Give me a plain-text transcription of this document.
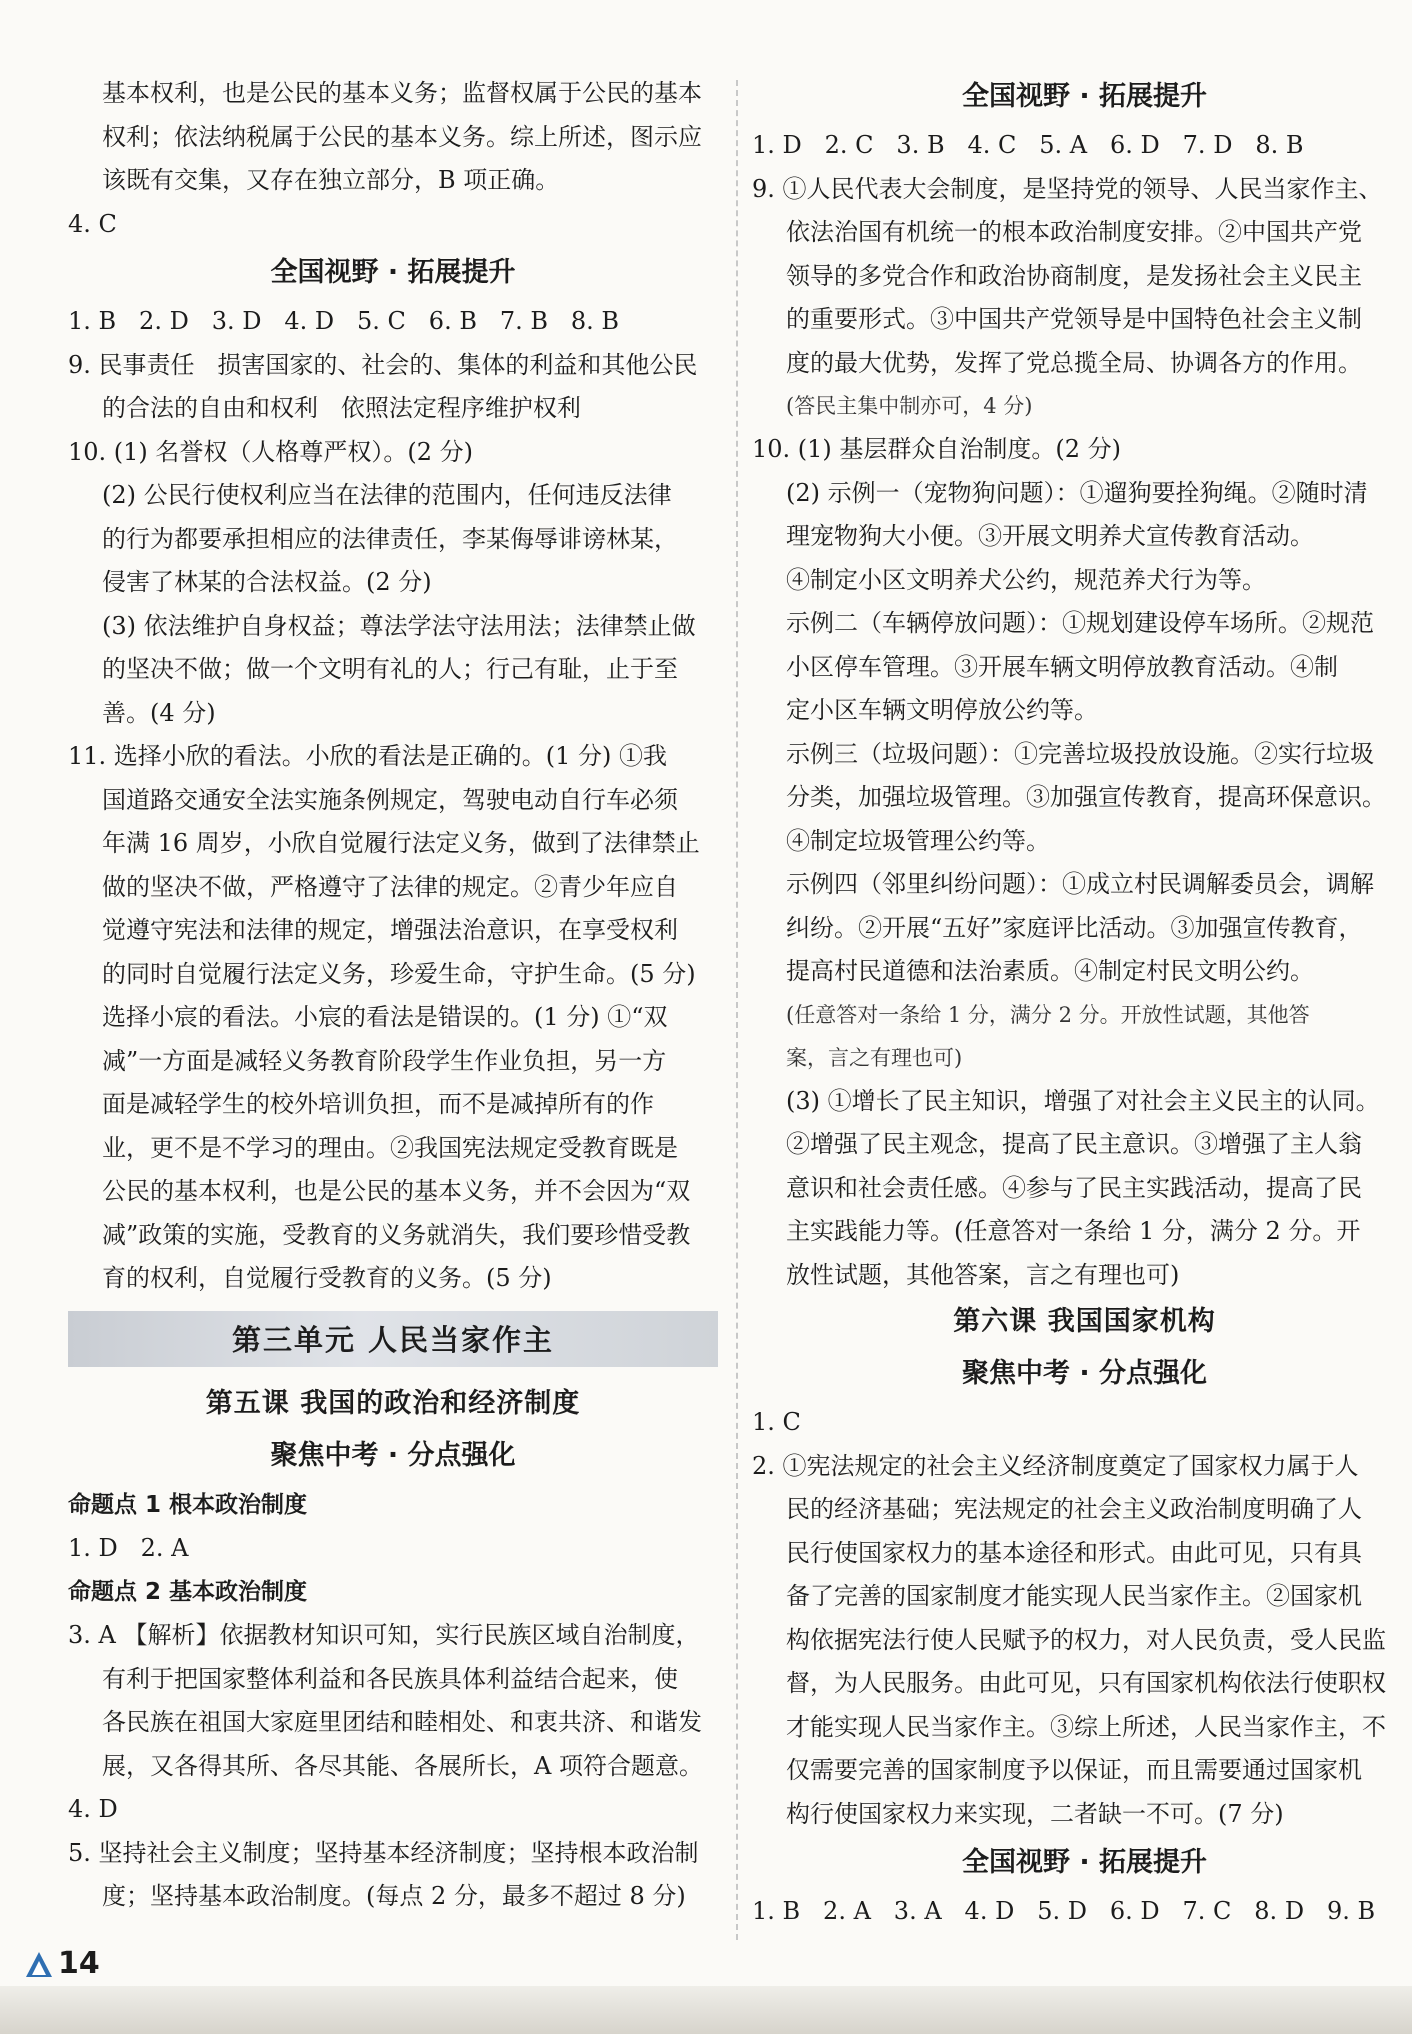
基本权利，也是公民的基本义务；监督权属于公民的基本

权利；依法纳税属于公民的基本义务。综上所述，图示应

该既有交集，又存在独立部分，B 项正确。

4. C

全国视野 · 拓展提升

1. B   2. D   3. D   4. D   5. C   6. B   7. B   8. B

9. 民事责任   损害国家的、社会的、集体的利益和其他公民

的合法的自由和权利   依照法定程序维护权利

10. (1) 名誉权（人格尊严权）。(2 分)

(2) 公民行使权利应当在法律的范围内，任何违反法律

的行为都要承担相应的法律责任，李某侮辱诽谤林某，

侵害了林某的合法权益。(2 分)

(3) 依法维护自身权益；尊法学法守法用法；法律禁止做

的坚决不做；做一个文明有礼的人；行己有耻，止于至

善。(4 分)

11. 选择小欣的看法。小欣的看法是正确的。(1 分) ①我

国道路交通安全法实施条例规定，驾驶电动自行车必须

年满 16 周岁，小欣自觉履行法定义务，做到了法律禁止

做的坚决不做，严格遵守了法律的规定。②青少年应自

觉遵守宪法和法律的规定，增强法治意识，在享受权利

的同时自觉履行法定义务，珍爱生命，守护生命。(5 分)

选择小宸的看法。小宸的看法是错误的。(1 分) ①“双

减”一方面是减轻义务教育阶段学生作业负担，另一方

面是减轻学生的校外培训负担，而不是减掉所有的作

业，更不是不学习的理由。②我国宪法规定受教育既是

公民的基本权利，也是公民的基本义务，并不会因为“双

减”政策的实施，受教育的义务就消失，我们要珍惜受教

育的权利，自觉履行受教育的义务。(5 分)

第三单元 人民当家作主
第五课 我国的政治和经济制度
聚焦中考 · 分点强化
命题点 1 根本政治制度

1. D   2. A

命题点 2 基本政治制度

3. A 【解析】依据教材知识可知，实行民族区域自治制度，

有利于把国家整体利益和各民族具体利益结合起来，使

各民族在祖国大家庭里团结和睦相处、和衷共济、和谐发

展，又各得其所、各尽其能、各展所长，A 项符合题意。

4. D

5. 坚持社会主义制度；坚持基本经济制度；坚持根本政治制

度；坚持基本政治制度。(每点 2 分，最多不超过 8 分)

全国视野 · 拓展提升

1. D   2. C   3. B   4. C   5. A   6. D   7. D   8. B

9. ①人民代表大会制度，是坚持党的领导、人民当家作主、

依法治国有机统一的根本政治制度安排。②中国共产党

领导的多党合作和政治协商制度，是发扬社会主义民主

的重要形式。③中国共产党领导是中国特色社会主义制

度的最大优势，发挥了党总揽全局、协调各方的作用。

(答民主集中制亦可，4 分)

10. (1) 基层群众自治制度。(2 分)

(2) 示例一（宠物狗问题）：①遛狗要拴狗绳。②随时清

理宠物狗大小便。③开展文明养犬宣传教育活动。

④制定小区文明养犬公约，规范养犬行为等。

示例二（车辆停放问题）：①规划建设停车场所。②规范

小区停车管理。③开展车辆文明停放教育活动。④制

定小区车辆文明停放公约等。

示例三（垃圾问题）：①完善垃圾投放设施。②实行垃圾

分类，加强垃圾管理。③加强宣传教育，提高环保意识。

④制定垃圾管理公约等。

示例四（邻里纠纷问题）：①成立村民调解委员会，调解

纠纷。②开展“五好”家庭评比活动。③加强宣传教育，

提高村民道德和法治素质。④制定村民文明公约。

(任意答对一条给 1 分，满分 2 分。开放性试题，其他答

案，言之有理也可)

(3) ①增长了民主知识，增强了对社会主义民主的认同。

②增强了民主观念，提高了民主意识。③增强了主人翁

意识和社会责任感。④参与了民主实践活动，提高了民

主实践能力等。(任意答对一条给 1 分，满分 2 分。开

放性试题，其他答案，言之有理也可)

第六课 我国国家机构
聚焦中考 · 分点强化

1. C

2. ①宪法规定的社会主义经济制度奠定了国家权力属于人

民的经济基础；宪法规定的社会主义政治制度明确了人

民行使国家权力的基本途径和形式。由此可见，只有具

备了完善的国家制度才能实现人民当家作主。②国家机

构依据宪法行使人民赋予的权力，对人民负责，受人民监

督，为人民服务。由此可见，只有国家机构依法行使职权

才能实现人民当家作主。③综上所述，人民当家作主，不

仅需要完善的国家制度予以保证，而且需要通过国家机

构行使国家权力来实现，二者缺一不可。(7 分)

全国视野 · 拓展提升

1. B   2. A   3. A   4. D   5. D   6. D   7. C   8. D   9. B

14
